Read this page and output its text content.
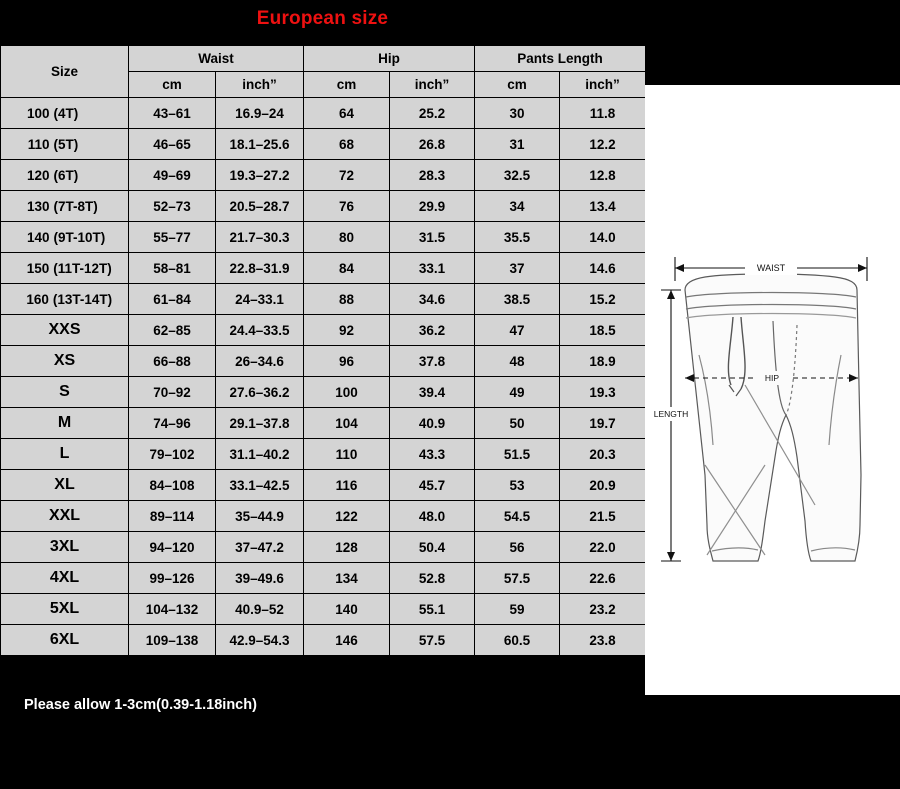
European size
Size	Waist		Hip		Pants Length	
	cm	inch”	cm	inch”	cm	inch”

100 (4T)	43–61	16.9–24	64	25.2	30	11.8

110 (5T)	46–65	18.1–25.6	68	26.8	31	12.2

120 (6T)	49–69	19.3–27.2	72	28.3	32.5	12.8

130 (7T-8T)	52–73	20.5–28.7	76	29.9	34	13.4

140 (9T-10T)	55–77	21.7–30.3	80	31.5	35.5	14.0

150 (11T-12T)	58–81	22.8–31.9	84	33.1	37	14.6

160 (13T-14T)	61–84	24–33.1	88	34.6	38.5	15.2
XXS	62–85	24.4–33.5	92	36.2	47	18.5
XS	66–88	26–34.6	96	37.8	48	18.9
S	70–92	27.6–36.2	100	39.4	49	19.3
M	74–96	29.1–37.8	104	40.9	50	19.7
L	79–102	31.1–40.2	110	43.3	51.5	20.3
XL	84–108	33.1–42.5	116	45.7	53	20.9
XXL	89–114	35–44.9	122	48.0	54.5	21.5
3XL	94–120	37–47.2	128	50.4	56	22.0
4XL	99–126	39–49.6	134	52.8	57.5	22.6
5XL	104–132	40.9–52	140	55.1	59	23.2
6XL	109–138	42.9–54.3	146	57.5	60.5	23.8
Please allow 1-3cm(0.39-1.18inch)
WAIST
HIP
LENGTH
